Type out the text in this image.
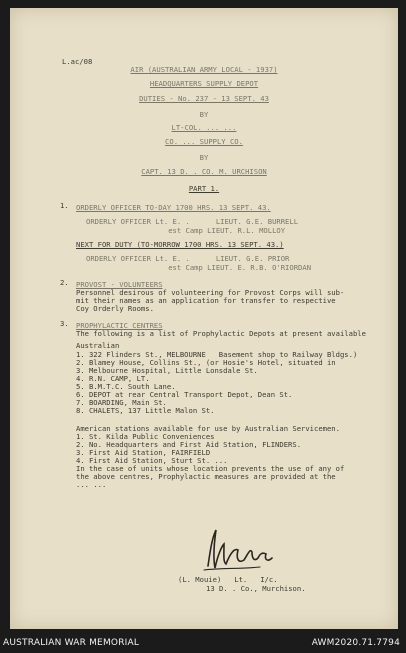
L.ac/08
AIR (AUSTRALIAN ARMY LOCAL - 1937)
HEADQUARTERS SUPPLY DEPOT
DUTIES - No. 237 - 13 SEPT. 43
BY
LT-COL. ... ...
CO. ... SUPPLY CO.
BY
CAPT. 13 D. . CO. M. URCHISON
PART 1.
1. ORDERLY OFFICER TO-DAY 1700 HRS. 13 SEPT. 43.
ORDERLY OFFICER Lt. E. .      LIEUT. G.E. BURRELL
est Camp LIEUT. R.L. MOLLOY
NEXT FOR DUTY (TO-MORROW 1700 HRS. 13 SEPT. 43.)
ORDERLY OFFICER Lt. E. .      LIEUT. G.E. PRIOR
est Camp LIEUT. E. R.B. O'RIORDAN
2. PROVOST - VOLUNTEERS
Personnel desirous of volunteering for Provost Corps will sub-
mit their names as an application for transfer to respective
Coy Orderly Rooms.
3. PROPHYLACTIC CENTRES
The following is a list of Prophylactic Depots at present available
Australian
1. 322 Flinders St., MELBOURNE   Basement shop to Railway Bldgs.)
2. Blamey House, Collins St., (or Hosie's Hotel, situated in
3. Melbourne Hospital, Little Lonsdale St.
4. R.N. CAMP, LT.
5. B.M.T.C. South Lane.
6. DEPOT at rear Central Transport Depot, Dean St.
7. BOARDING, Main St.
8. CHALETS, 137 Little Malon St.
American stations available for use by Australian Servicemen.
1. St. Kilda Public Conveniences
2. No. Headquarters and First Aid Station, FLINDERS.
3. First Aid Station, FAIRFIELD
4. First Aid Station, Sturt St. ...
In the case of units whose location prevents the use of any of
the above centres, Prophylactic measures are provided at the
... ...
(L. Mouie)   Lt.   I/c.
13 D. . Co., Murchison.
AUSTRALIAN WAR MEMORIAL	AWM2020.71.7794
